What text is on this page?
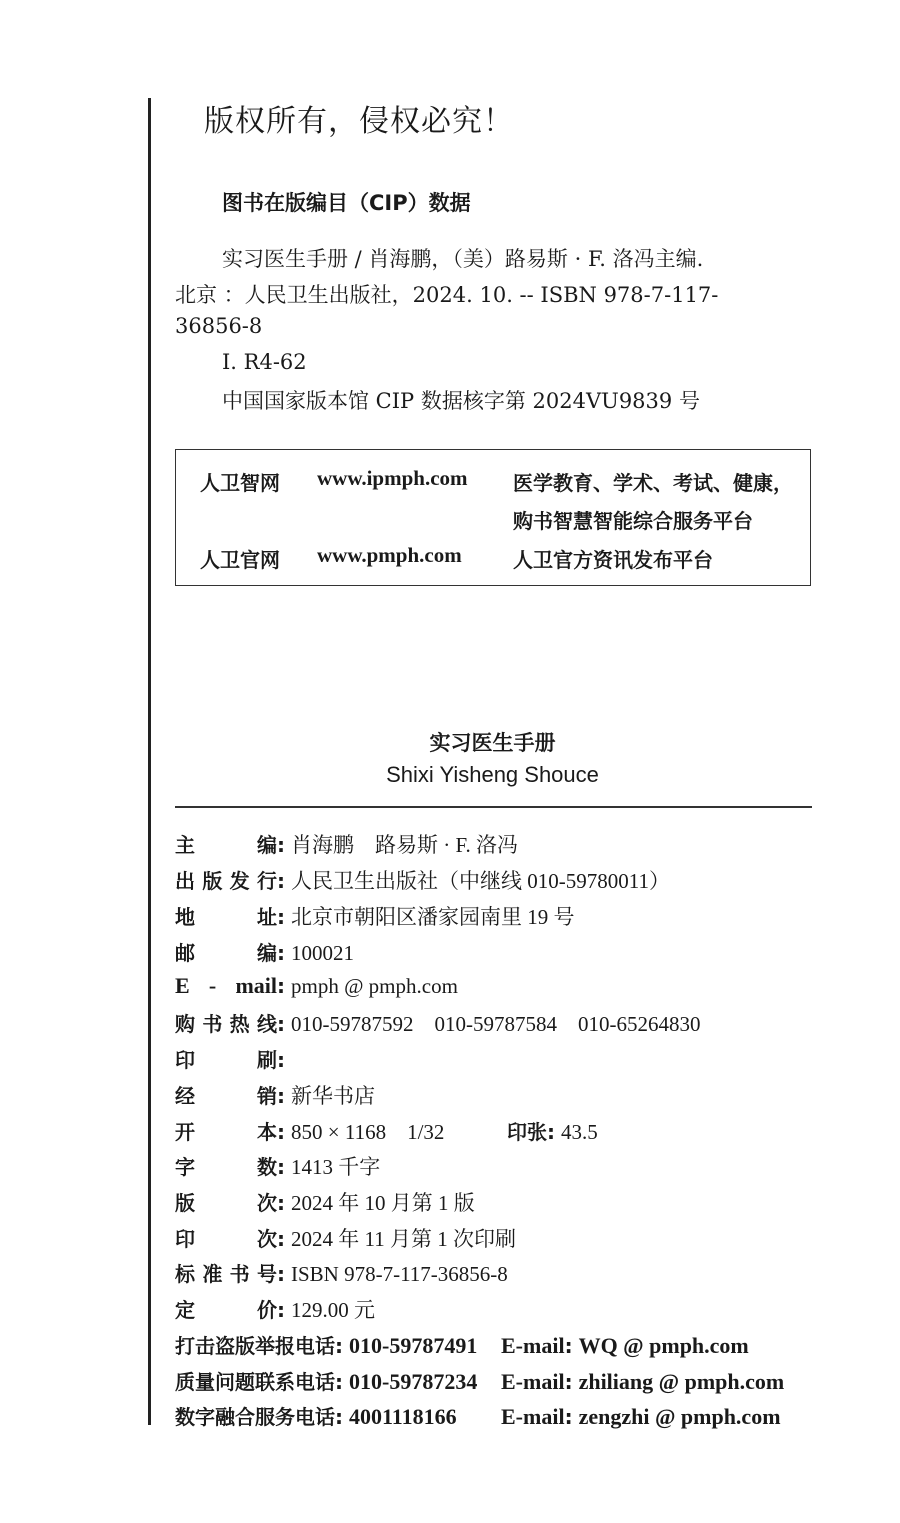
版权所有，侵权必究！
图书在版编目（CIP）数据
实习医生手册 / 肖海鹏，（美）路易斯 · F. 洛冯主编.
北京 ：人民卫生出版社，2024. 10. -- ISBN 978-7-117-
36856-8
Ⅰ. R4-62
中国国家版本馆 CIP 数据核字第 2024VU9839 号
人卫智网 www.ipmph.com 医学教育、学术、考试、健康，
购书智慧智能综合服务平台
人卫官网 www.pmph.com	人卫官方资讯发布平台
实习医生手册
Shixi Yisheng Shouce
主编: 肖海鹏　路易斯 · F. 洛冯
出版发行: 人民卫生出版社（中继线 010-59780011）
地址: 北京市朝阳区潘家园南里 19 号
邮编: 100021
E - mail: pmph @ pmph.com
购书热线: 010-59787592　010-59787584　010-65264830
印刷:
经销: 新华书店
开本: 850 × 1168　1/32	印张: 43.5
字数: 1413 千字
版次: 2024 年 10 月第 1 版
印次: 2024 年 11 月第 1 次印刷
标准书号: ISBN 978-7-117-36856-8
定价: 129.00 元
打击盗版举报电话: 010-59787491 E-mail: WQ @ pmph.com
质量问题联系电话: 010-59787234 E-mail: zhiliang @ pmph.com
数字融合服务电话: 4001118166 E-mail: zengzhi @ pmph.com
